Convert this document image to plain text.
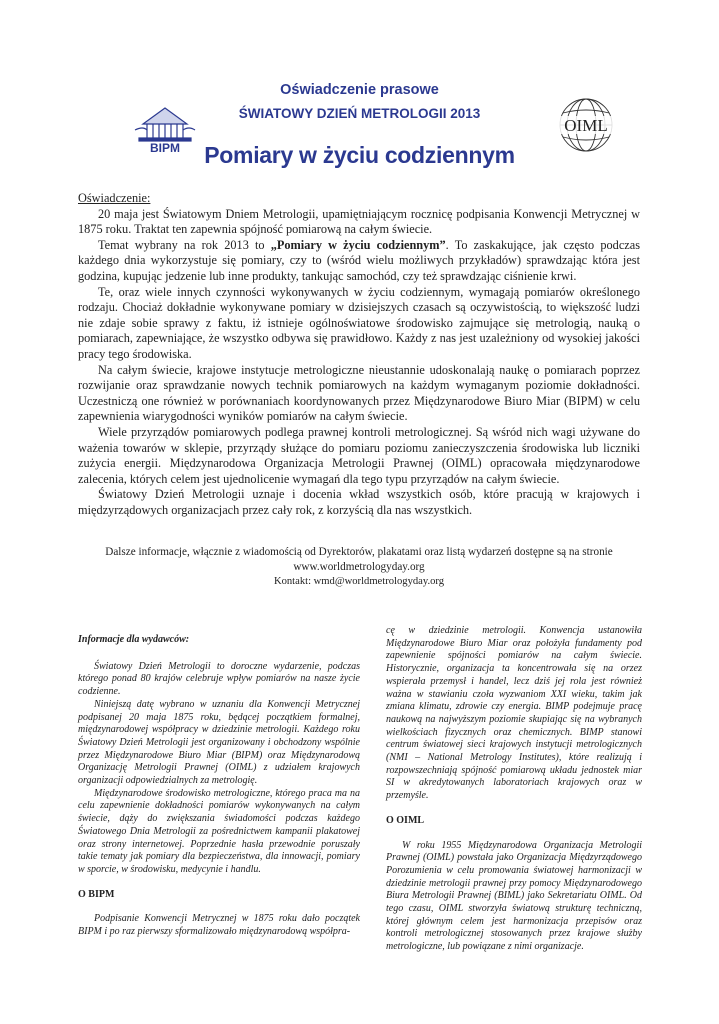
BIPM
Oświadczenie prasowe
ŚWIATOWY DZIEŃ METROLOGII 2013
OIML
Pomiary w życiu codziennym

Oświadczenie:

20 maja jest Światowym Dniem Metrologii, upamiętniającym rocznicę podpisania Konwencji Metrycznej w 1875 roku. Traktat ten zapewnia spójność pomiarową na całym świecie.

Temat wybrany na rok 2013 to „Pomiary w życiu codziennym”. To zaskakujące, jak często podczas każdego dnia wykorzystuje się pomiary, czy to (wśród wielu możliwych przykładów) sprawdzając która jest godzina, kupując jedzenie lub inne produkty, tankując samochód, czy też sprawdzając ciśnienie krwi.

Te, oraz wiele innych czynności wykonywanych w życiu codziennym, wymagają pomiarów określonego rodzaju. Chociaż dokładnie wykonywane pomiary w dzisiejszych czasach są oczywistością, to większość ludzi nie zdaje sobie sprawy z faktu, iż istnieje ogólnoświatowe środowisko zajmujące się metrologią, nauką o pomiarach, zapewniające, że wszystko odbywa się prawidłowo. Każdy z nas jest uzależniony od wysokiej jakości pracy tego środowiska.

Na całym świecie, krajowe instytucje metrologiczne nieustannie udoskonalają naukę o pomiarach poprzez rozwijanie oraz sprawdzanie nowych technik pomiarowych na każdym wymaganym poziomie dokładności. Uczestniczą one również w porównaniach koordynowanych przez Międzynarodowe Biuro Miar (BIPM) w celu zapewnienia wiarygodności wyników pomiarów na całym świecie.

Wiele przyrządów pomiarowych podlega prawnej kontroli metrologicznej. Są wśród nich wagi używane do ważenia towarów w sklepie, przyrządy służące do pomiaru poziomu zanieczyszczenia środowiska lub liczniki zużycia energii. Międzynarodowa Organizacja Metrologii Prawnej (OIML) opracowała międzynarodowe zalecenia, których celem jest ujednolicenie wymagań dla tego typu przyrządów na całym świecie.

Światowy Dzień Metrologii uznaje i docenia wkład wszystkich osób, które pracują w krajowych i międzyrządowych organizacjach przez cały rok, z korzyścią dla nas wszystkich.

Dalsze informacje, włącznie z wiadomością od Dyrektorów, plakatami oraz listą wydarzeń dostępne są na stronie
www.worldmetrologyday.org
Kontakt: wmd@worldmetrologyday.org

Informacje dla wydawców:

Światowy Dzień Metrologii to doroczne wydarzenie, podczas którego ponad 80 krajów celebruje wpływ pomiarów na nasze życie codzienne.

Niniejszą datę wybrano w uznaniu dla Konwencji Metrycznej podpisanej 20 maja 1875 roku, będącej początkiem formalnej, międzynarodowej współpracy w dziedzinie metrologii. Każdego roku Światowy Dzień Metrologii jest organizowany i obchodzony wspólnie przez Międzynarodowe Biuro Miar (BIPM) oraz Międzynarodową Organizację Metrologii Prawnej (OIML) z udziałem krajowych organizacji odpowiedzialnych za metrologię.

Międzynarodowe środowisko metrologiczne, którego praca ma na celu zapewnienie dokładności pomiarów wykonywanych na całym świecie, dąży do zwiększania świadomości podczas każdego Światowego Dnia Metrologii za pośrednictwem kampanii plakatowej oraz strony internetowej. Poprzednie hasła przewodnie poruszały takie tematy jak pomiary dla bezpieczeństwa, dla innowacji, pomiary w sporcie, w środowisku, medycynie i handlu.

O BIPM

Podpisanie Konwencji Metrycznej w 1875 roku dało początek BIPM i po raz pierwszy sformalizowało międzynarodową współpra-

cę w dziedzinie metrologii. Konwencja ustanowiła Międzynarodowe Biuro Miar oraz położyła fundamenty pod zapewnienie spójności pomiarów na całym świecie. Historycznie, organizacja ta koncentrowała się na orzez wspierała przemysł i handel, lecz dziś jej rola jest również ważna w stawianiu czoła wyzwaniom XXI wieku, takim jak zmiana klimatu, zdrowie czy energia. BIMP podejmuje pracę naukową na najwyższym poziomie skupiając się na wybranych wielkościach fizycznych oraz chemicznych. BIMP stanowi centrum światowej sieci krajowych instytucji metrologicznych (NMI – National Metrology Institutes), które realizują i rozpowszechniają spójność pomiarową układu jednostek miar SI w akredytowanych laboratoriach krajowych oraz w przemyśle.

O OIML

W roku 1955 Międzynarodowa Organizacja Metrologii Prawnej (OIML) powstała jako Organizacja Międzyrządowego Porozumienia w celu promowania światowej harmonizacji w dziedzinie metrologii prawnej przy pomocy Międzynarodowego Biura Metrologii Prawnej (BIML) jako Sekretariatu OIML. Od tego czasu, OIML stworzyła światową strukturę techniczną, której głównym celem jest harmonizacja przepisów oraz kontroli metrologicznej stosowanych przez krajowe służby metrologiczne, lub powiązane z nimi organizacje.
